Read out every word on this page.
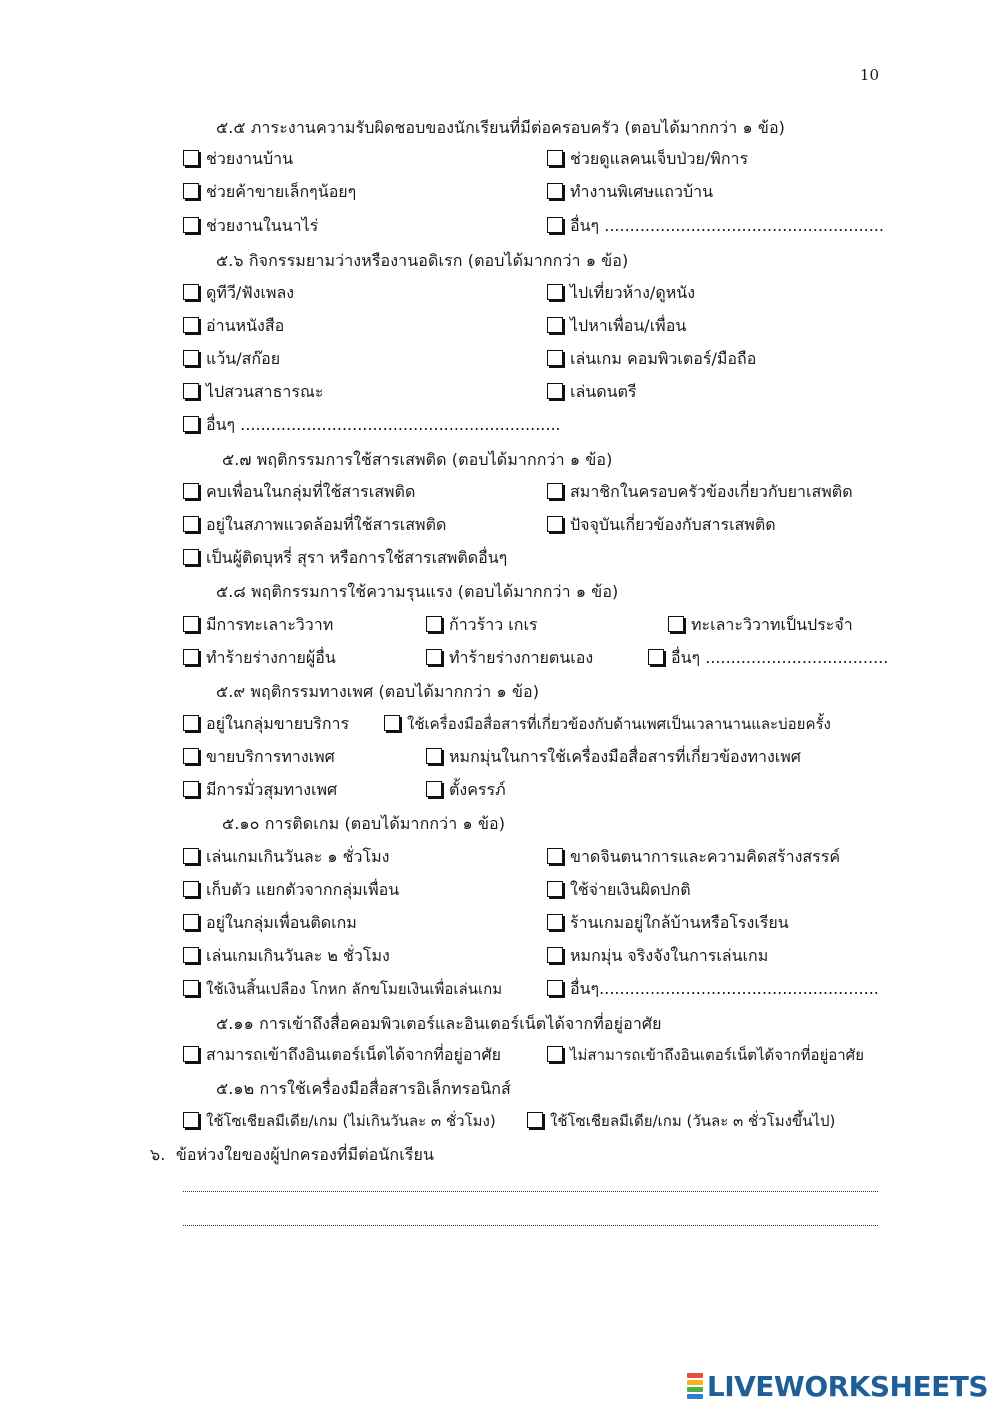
10
๕.๕ ภาระงานความรับผิดชอบของนักเรียนที่มีต่อครอบครัว (ตอบได้มากกว่า ๑ ข้อ)
ช่วยงานบ้าน	ช่วยดูแลคนเจ็บป่วย/พิการ
ช่วยค้าขายเล็กๆน้อยๆ	ทำงานพิเศษแถวบ้าน
ช่วยงานในนาไร่	อื่นๆ .......................................................
๕.๖ กิจกรรมยามว่างหรืองานอดิเรก (ตอบได้มากกว่า ๑ ข้อ)
ดูทีวี/ฟังเพลง	ไปเที่ยวห้าง/ดูหนัง
อ่านหนังสือ	ไปหาเพื่อน/เพื่อน
แว้น/สก๊อย	เล่นเกม คอมพิวเตอร์/มือถือ
ไปสวนสาธารณะ	เล่นดนตรี
อื่นๆ ...............................................................
๕.๗ พฤติกรรมการใช้สารเสพติด (ตอบได้มากกว่า ๑ ข้อ)
คบเพื่อนในกลุ่มที่ใช้สารเสพติด	สมาชิกในครอบครัวข้องเกี่ยวกับยาเสพติด
อยู่ในสภาพแวดล้อมที่ใช้สารเสพติด	ปัจจุบันเกี่ยวข้องกับสารเสพติด
เป็นผู้ติดบุหรี่ สุรา หรือการใช้สารเสพติดอื่นๆ
๕.๘ พฤติกรรมการใช้ความรุนแรง (ตอบได้มากกว่า ๑ ข้อ)
มีการทะเลาะวิวาท	ก้าวร้าว เกเร	ทะเลาะวิวาทเป็นประจำ
ทำร้ายร่างกายผู้อื่น	ทำร้ายร่างกายตนเอง	อื่นๆ ....................................
๕.๙ พฤติกรรมทางเพศ (ตอบได้มากกว่า ๑ ข้อ)
อยู่ในกลุ่มขายบริการ	ใช้เครื่องมือสื่อสารที่เกี่ยวข้องกับด้านเพศเป็นเวลานานและบ่อยครั้ง
ขายบริการทางเพศ	หมกมุ่นในการใช้เครื่องมือสื่อสารที่เกี่ยวข้องทางเพศ
มีการมั่วสุมทางเพศ	ตั้งครรภ์
๕.๑๐ การติดเกม (ตอบได้มากกว่า ๑ ข้อ)
เล่นเกมเกินวันละ ๑ ชั่วโมง	ขาดจินตนาการและความคิดสร้างสรรค์
เก็บตัว แยกตัวจากกลุ่มเพื่อน	ใช้จ่ายเงินผิดปกติ
อยู่ในกลุ่มเพื่อนติดเกม	ร้านเกมอยู่ใกล้บ้านหรือโรงเรียน
เล่นเกมเกินวันละ ๒ ชั่วโมง	หมกมุ่น จริงจังในการเล่นเกม
ใช้เงินสิ้นเปลือง โกหก ลักขโมยเงินเพื่อเล่นเกม	อื่นๆ.......................................................
๕.๑๑ การเข้าถึงสื่อคอมพิวเตอร์และอินเตอร์เน็ตได้จากที่อยู่อาศัย
สามารถเข้าถึงอินเตอร์เน็ตได้จากที่อยู่อาศัย	ไม่สามารถเข้าถึงอินเตอร์เน็ตได้จากที่อยู่อาศัย
๕.๑๒ การใช้เครื่องมือสื่อสารอิเล็กทรอนิกส์
ใช้โซเชียลมีเดีย/เกม (ไม่เกินวันละ ๓ ชั่วโมง)	ใช้โซเชียลมีเดีย/เกม (วันละ ๓ ชั่วโมงขึ้นไป)
๖. ข้อห่วงใยของผู้ปกครองที่มีต่อนักเรียน
LIVEWORKSHEETS
